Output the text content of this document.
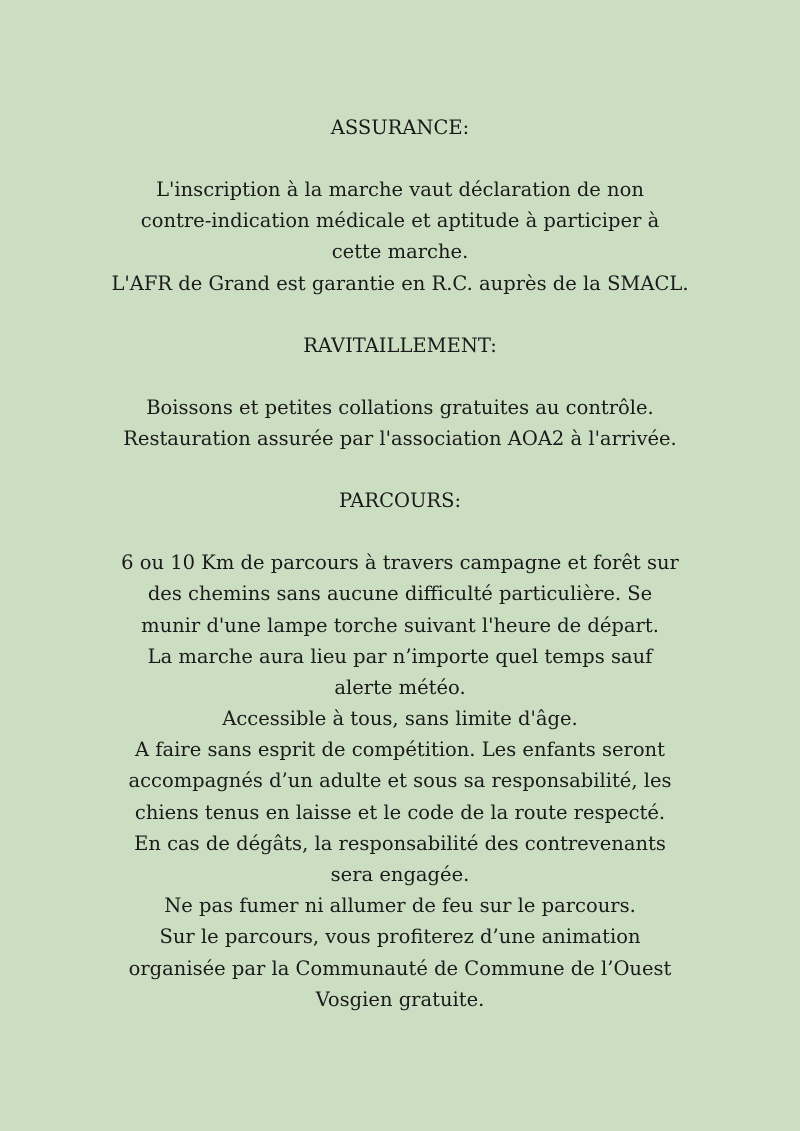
ASSURANCE:

L'inscription à la marche vaut déclaration de non

contre-indication médicale et aptitude à participer à

cette marche.

L'AFR de Grand est garantie en R.C. auprès de la SMACL.

RAVITAILLEMENT:

Boissons et petites collations gratuites au contrôle.

Restauration assurée par l'association AOA2 à l'arrivée.

PARCOURS:

6 ou 10 Km de parcours à travers campagne et forêt sur

des chemins sans aucune difficulté particulière. Se

munir d'une lampe torche suivant l'heure de départ.

La marche aura lieu par n’importe quel temps sauf

alerte météo.

Accessible à tous, sans limite d'âge.

A faire sans esprit de compétition. Les enfants seront

accompagnés d’un adulte et sous sa responsabilité, les

chiens tenus en laisse et le code de la route respecté.

En cas de dégâts, la responsabilité des contrevenants

sera engagée.

Ne pas fumer ni allumer de feu sur le parcours.

Sur le parcours, vous profiterez d’une animation

organisée par la Communauté de Commune de l’Ouest

Vosgien gratuite.
